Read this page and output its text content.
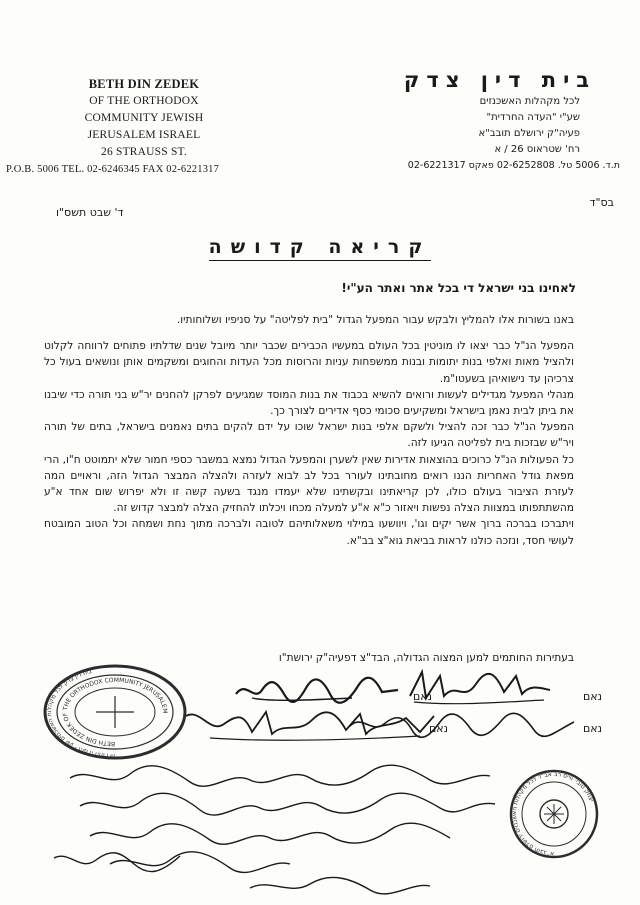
BETH DIN ZEDEK
OF THE ORTHODOX
COMMUNITY JEWISH
JERUSALEM ISRAEL
26 STRAUSS ST.
P.O.B. 5006 TEL. 02-6246345 FAX 02-6221317
בית דין צדק
לכל מקהלות האשכנזים
שע"י "העדה החרדית"
פעיה"ק ירושלם תובב"א
רח' שטראוס 26 / א
ת.ד. 5006 טל. 02-6252808 פאקס 02-6221317
בס"ד
ד' שבט תשס"ו
קריאה קדושה
לאחינו בני ישראל די בכל אתר ואתר הע"י!

באנו בשורות אלו להמליץ ולבקש עבור המפעל הגדול "בית לפליטה" על סניפיו ושלוחותיו.

המפעל הנ"ל כבר יצאו לו מוניטין בכל העולם במעשיו הכבירים שכבר יותר מיובל שנים שדלתיו פתוחים לרווחה לקלוט ולהציל מאות ואלפי בנות יתומות ובנות ממשפחות עניות והרוסות מכל העדות והחוגים ומשקמים אותן ונושאים בעול כל צרכיהן עד נישואיהן בשעטו"מ.

מנהלי המפעל מגדילים לעשות ורואים להשיא בכבוד את בנות המוסד שמגיעים לפרקן להחנים יר"ש בני תורה כדי שיבנו את ביתן לבית נאמן בישראל ומשקיעים סכומי כסף אדירים לצורך כך.

המפעל הנ"ל כבר זכה להציל ולשקם אלפי בנות ישראל שוכו על ידם להקים בתים נאמנים בישראל, בתים של תורה ויר"ש שבזכות בית לפליטה הגיעו לזה.

כל הפעולות הנ"ל כרוכים בהוצאות אדירות שאין לשערן והמפעל הגדול נמצא במשבר כספי חמור שלא יתמוטט ח"ו, הרי מפאת גודל האחריות הננו רואים מחובתינו לעורר בכל לב לבוא לעזרה ולהצלה המבצר הגדול הזה, וראויים המה לעזרת הציבור בעולם כולו, לכן קריאתינו ובקשתינו שלא יעמדו מנגד בשעה קשה זו ולא יפרוש שום אחד א"ע מהשתתפותו במצוות הצלה נפשות ויאזור כ"א א"ע למעלה מכחו ויכלתו להחזיק הצלה למבצר קדוש זה.

ויתברכו בברכה ברוך אשר יקים וגו', ויוושעו במילוי משאלותיהם לטובה ולברכה מתוך נחת ושמחה וכל הטוב המובטח לעושי חסד, ונזכה כולנו לראות בביאת גוא"צ בב"א.

בעתירות החותמים למען המצוה הגדולה, הבד"צ דפעיה"ק ירושת"ו
נאם	נאם
נאם	נאם
בית דין צדק לכל מקהלות האשכנזים שע"י העדה החרדית
BETH DIN ZEDEK OF THE ORTHODOX COMMUNITY JERUSALEM
יצחק טובי' ווייס רב אב"ד לכל מקהלות האשכנזים ירושלם תובב"א
